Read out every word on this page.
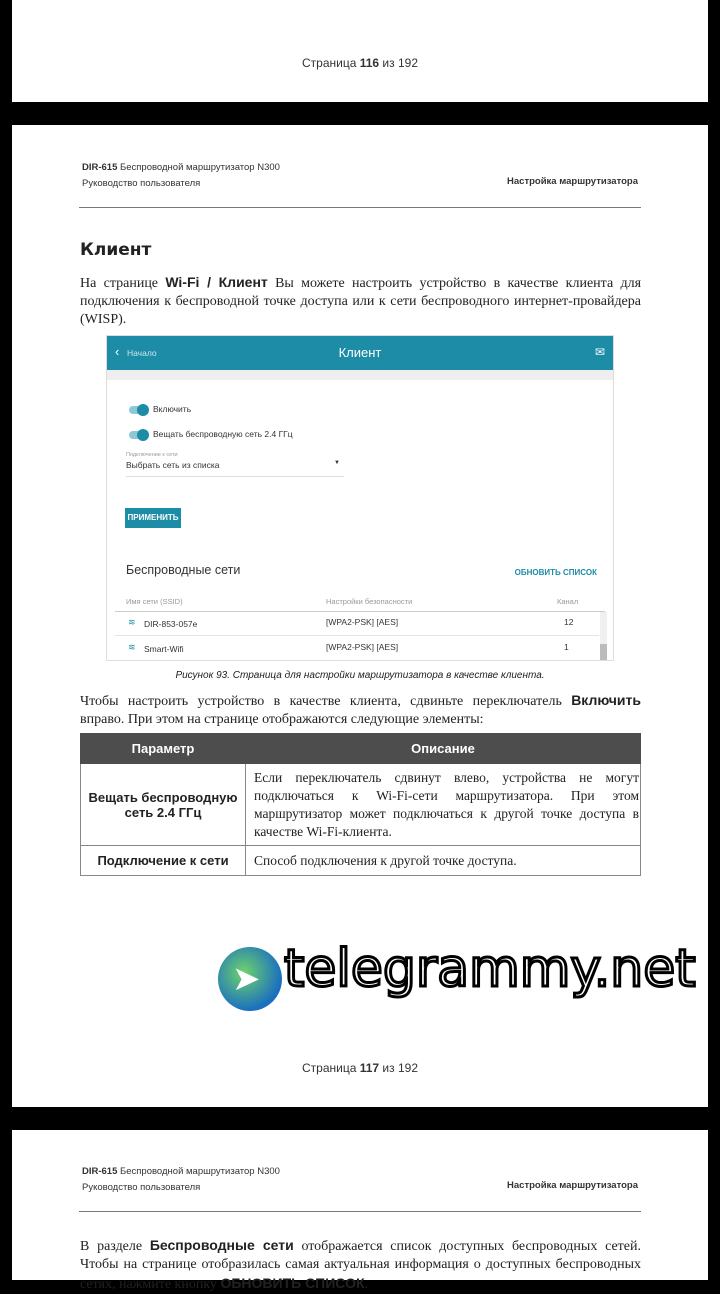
Страница 116 из 192
DIR-615 Беспроводной маршрутизатор N300
Руководство пользователя	Настройка маршрутизатора
Клиент
На странице Wi-Fi / Клиент Вы можете настроить устройство в качестве клиента для подключения к беспроводной точке доступа или к сети беспроводного интернет-провайдера (WISP).
‹ Начало	Клиент	✉
Включить
Вещать беспроводную сеть 2.4 ГГц
Подключение к сети
Выбрать сеть из списка	▼
ПРИМЕНИТЬ
Беспроводные сети	ОБНОВИТЬ СПИСОК
Имя сети (SSID)	Настройки безопасности	Канал
≋ DIR-853-057e	[WPA2-PSK] [AES]	12
≋ Smart-Wifi	[WPA2-PSK] [AES]	1
Рисунок 93. Страница для настройки маршрутизатора в качестве клиента.
Чтобы настроить устройство в качестве клиента, сдвиньте переключатель Включить вправо. При этом на странице отображаются следующие элементы:
Параметр	Описание
Вещать беспроводную сеть 2.4 ГГц	Если переключатель сдвинут влево, устройства не могут подключаться к Wi-Fi-сети маршрутизатора. При этом маршрутизатор может подключаться к другой точке доступа в качестве Wi-Fi-клиента.
Подключение к сети	Способ подключения к другой точке доступа.
➤ telegrammy.net
Страница 117 из 192
DIR-615 Беспроводной маршрутизатор N300
Руководство пользователя	Настройка маршрутизатора
В разделе Беспроводные сети отображается список доступных беспроводных сетей. Чтобы на странице отобразилась самая актуальная информация о доступных беспроводных сетях, нажмите кнопку ОБНОВИТЬ СПИСОК.
